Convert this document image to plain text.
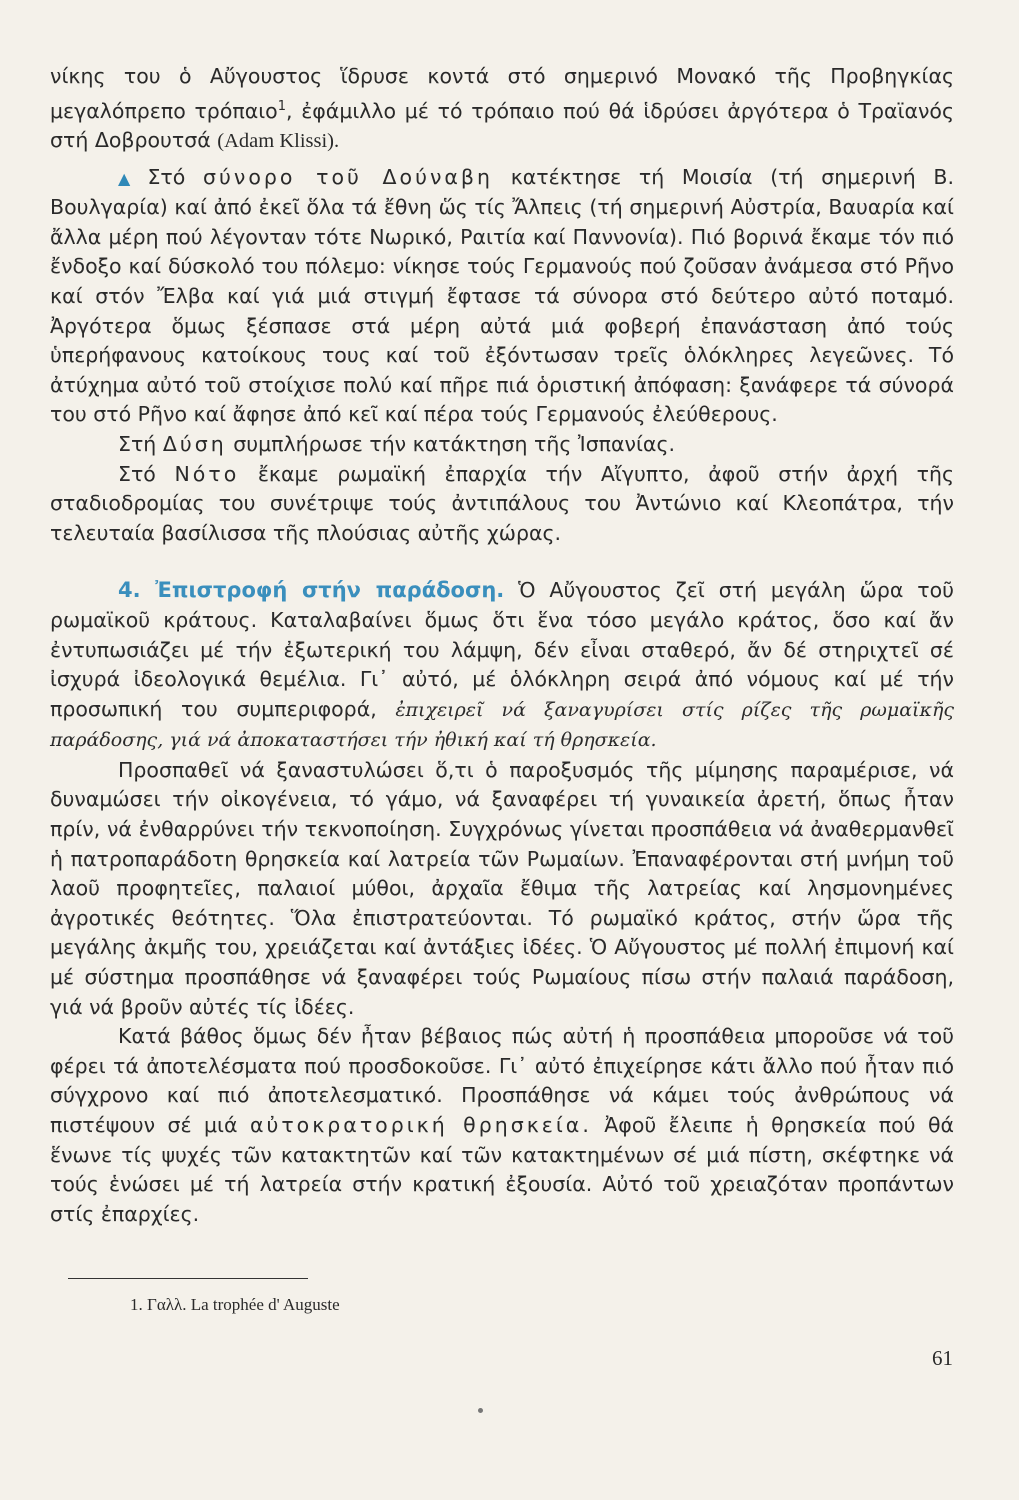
νίκης του ὁ Αὔγουστος ἵδρυσε κοντά στό σημερινό Μονακό τῆς Προβηγκίας μεγαλόπρεπο τρόπαιο$^1$, ἐφάμιλλο μέ τό τρόπαιο πού θά ἱδρύσει ἀργότερα ὁ Τραϊανός στή Δοβρουτσά (Adam Klissi).

▲ Στό σύνορο τοῦ Δούναβη κατέκτησε τή Μοισία (τή σημερινή Β. Βουλγαρία) καί ἀπό ἐκεῖ ὅλα τά ἔθνη ὥς τίς Ἄλπεις (τή σημερινή Αὐστρία, Βαυαρία καί ἄλλα μέρη πού λέγονταν τότε Νωρικό, Ραιτία καί Παννονία). Πιό βορινά ἔκαμε τόν πιό ἔνδοξο καί δύσκολό του πόλεμο: νίκησε τούς Γερμανούς πού ζοῦσαν ἀνάμεσα στό Ρῆνο καί στόν Ἔλβα καί γιά μιά στιγμή ἔφτασε τά σύνορα στό δεύτερο αὐτό ποταμό. Ἀργότερα ὅμως ξέσπασε στά μέρη αὐτά μιά φοβερή ἐπανάσταση ἀπό τούς ὑπερήφανους κατοίκους τους καί τοῦ ἐξόντωσαν τρεῖς ὁλόκληρες λεγεῶνες. Τό ἀτύχημα αὐτό τοῦ στοίχισε πολύ καί πῆρε πιά ὁριστική ἀπόφαση: ξανάφερε τά σύνορά του στό Ρῆνο καί ἄφησε ἀπό κεῖ καί πέρα τούς Γερμανούς ἐλεύθερους.

Στή Δύση συμπλήρωσε τήν κατάκτηση τῆς Ἰσπανίας.

Στό Νότο ἔκαμε ρωμαϊκή ἐπαρχία τήν Αἴγυπτο, ἀφοῦ στήν ἀρχή τῆς σταδιοδρομίας του συνέτριψε τούς ἀντιπάλους του Ἀντώνιο καί Κλεοπάτρα, τήν τελευταία βασίλισσα τῆς πλούσιας αὐτῆς χώρας.

4. Ἐπιστροφή στήν παράδοση. Ὁ Αὔγουστος ζεῖ στή μεγάλη ὥρα τοῦ ρωμαϊκοῦ κράτους. Καταλαβαίνει ὅμως ὅτι ἕνα τόσο μεγάλο κράτος, ὅσο καί ἄν ἐντυπωσιάζει μέ τήν ἐξωτερική του λάμψη, δέν εἶναι σταθερό, ἄν δέ στηριχτεῖ σέ ἰσχυρά ἰδεολογικά θεμέλια. Γι᾽ αὐτό, μέ ὁλόκληρη σειρά ἀπό νόμους καί μέ τήν προσωπική του συμπεριφορά, ἐπιχειρεῖ νά ξαναγυρίσει στίς ρίζες τῆς ρωμαϊκῆς παράδοσης, γιά νά ἀποκαταστήσει τήν ἠθική καί τή θρησκεία.

Προσπαθεῖ νά ξαναστυλώσει ὅ,τι ὁ παροξυσμός τῆς μίμησης παραμέρισε, νά δυναμώσει τήν οἰκογένεια, τό γάμο, νά ξαναφέρει τή γυναικεία ἀρετή, ὅπως ἦταν πρίν, νά ἐνθαρρύνει τήν τεκνοποίηση. Συγχρόνως γίνεται προσπάθεια νά ἀναθερμανθεῖ ἡ πατροπαράδοτη θρησκεία καί λατρεία τῶν Ρωμαίων. Ἐπαναφέρονται στή μνήμη τοῦ λαοῦ προφητεῖες, παλαιοί μύθοι, ἀρχαῖα ἔθιμα τῆς λατρείας καί λησμονημένες ἀγροτικές θεότητες. Ὅλα ἐπιστρατεύονται. Τό ρωμαϊκό κράτος, στήν ὥρα τῆς μεγάλης ἀκμῆς του, χρειάζεται καί ἀντάξιες ἰδέες. Ὁ Αὔγουστος μέ πολλή ἐπιμονή καί μέ σύστημα προσπάθησε νά ξαναφέρει τούς Ρωμαίους πίσω στήν παλαιά παράδοση, γιά νά βροῦν αὐτές τίς ἰδέες.

Κατά βάθος ὅμως δέν ἦταν βέβαιος πώς αὐτή ἡ προσπάθεια μποροῦσε νά τοῦ φέρει τά ἀποτελέσματα πού προσδοκοῦσε. Γι᾽ αὐτό ἐπιχείρησε κάτι ἄλλο πού ἦταν πιό σύγχρονο καί πιό ἀποτελεσματικό. Προσπάθησε νά κάμει τούς ἀνθρώπους νά πιστέψουν σέ μιά αὐτοκρατορική θρησκεία. Ἀφοῦ ἔλειπε ἡ θρησκεία πού θά ἕνωνε τίς ψυχές τῶν κατακτητῶν καί τῶν κατακτημένων σέ μιά πίστη, σκέφτηκε νά τούς ἑνώσει μέ τή λατρεία στήν κρατική ἐξουσία. Αὐτό τοῦ χρειαζόταν προπάντων στίς ἐπαρχίες.

1. Γαλλ. La trophée d' Auguste
61
